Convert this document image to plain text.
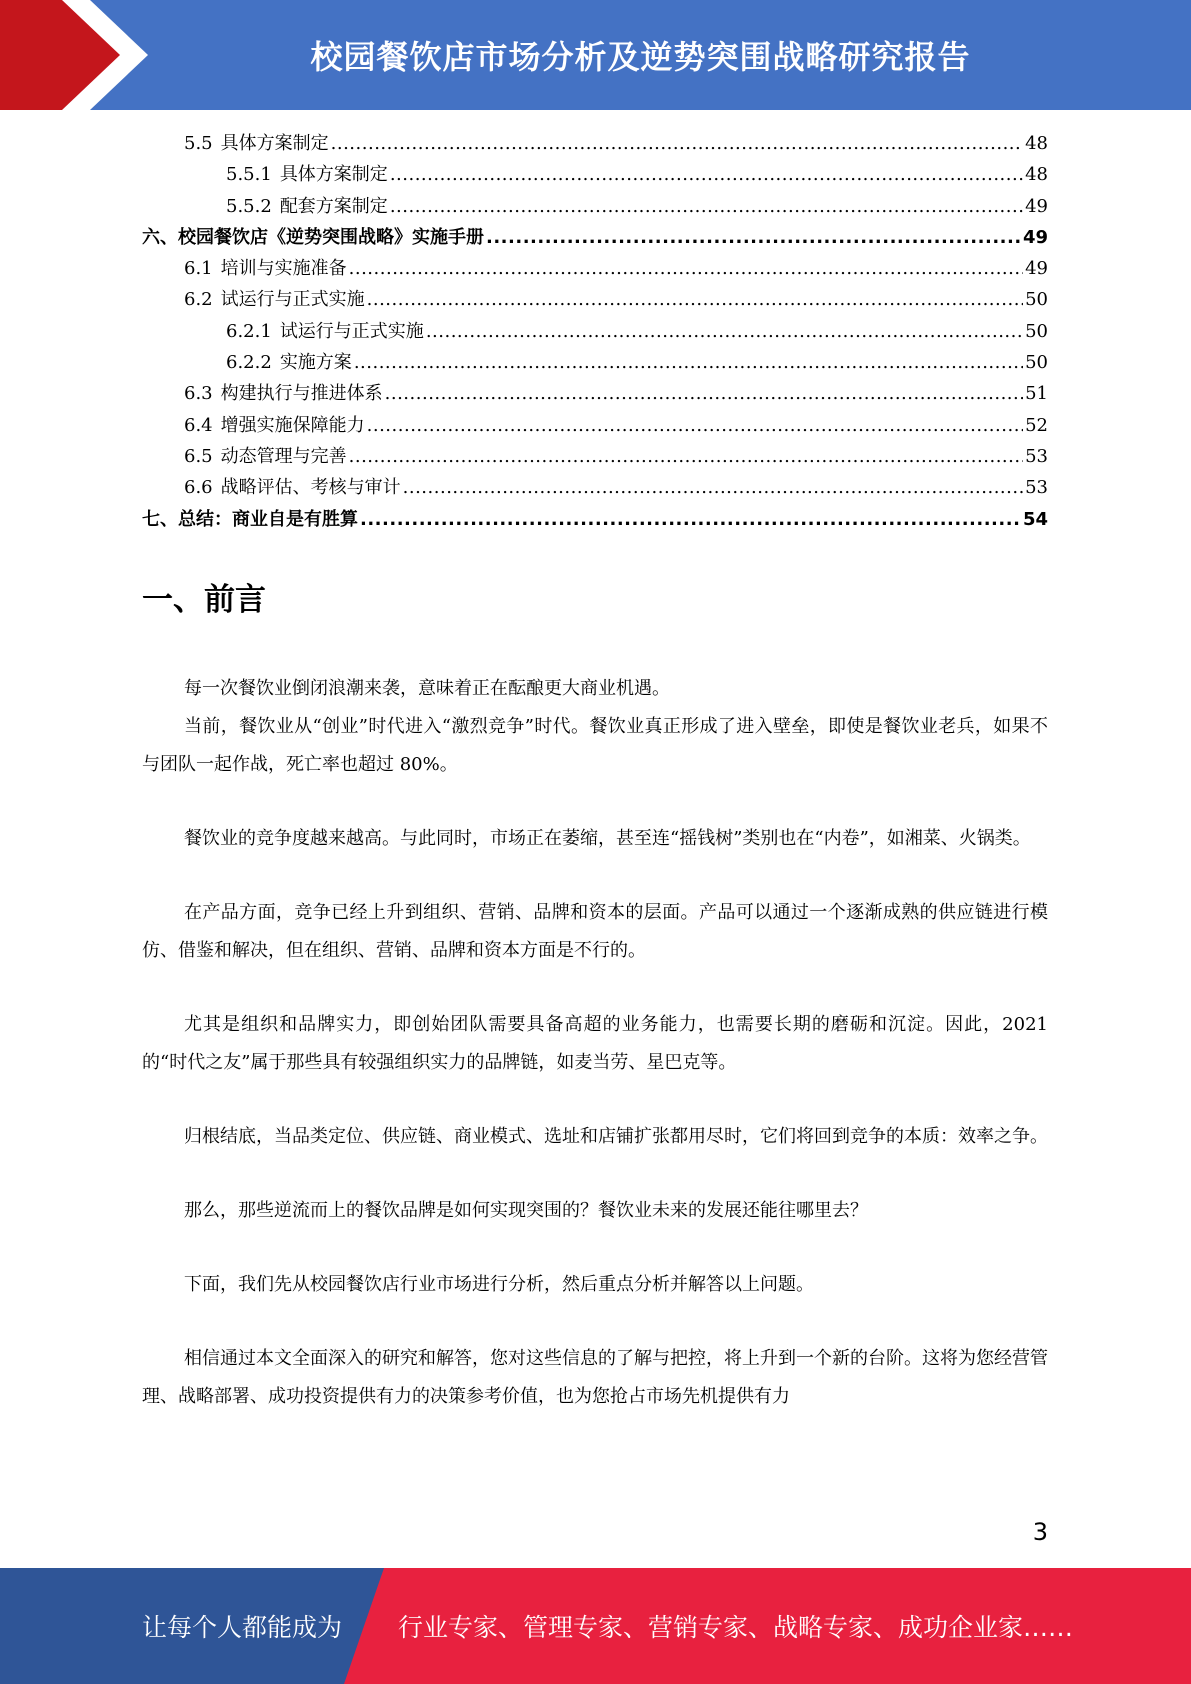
校园餐饮店市场分析及逆势突围战略研究报告
5.5 具体方案制定 .....	48
5.5.1 具体方案制定 .....	48
5.5.2 配套方案制定 .....	49
六、校园餐饮店《逆势突围战略》实施手册 .....	49
6.1 培训与实施准备 .....	49
6.2 试运行与正式实施 .....	50
6.2.1 试运行与正式实施 .....	50
6.2.2 实施方案 .....	50
6.3 构建执行与推进体系 .....	51
6.4 增强实施保障能力 .....	52
6.5 动态管理与完善 .....	53
6.6 战略评估、考核与审计 .....	53
七、总结：商业自是有胜算 .....	54
一、前言

每一次餐饮业倒闭浪潮来袭，意味着正在酝酿更大商业机遇。

当前，餐饮业从“创业”时代进入“激烈竞争”时代。餐饮业真正形成了进入壁垒，即使是餐饮业老兵，如果不与团队一起作战，死亡率也超过 80%。

餐饮业的竞争度越来越高。与此同时，市场正在萎缩，甚至连“摇钱树”类别也在“内卷”，如湘菜、火锅类。

在产品方面，竞争已经上升到组织、营销、品牌和资本的层面。产品可以通过一个逐渐成熟的供应链进行模仿、借鉴和解决，但在组织、营销、品牌和资本方面是不行的。

尤其是组织和品牌实力，即创始团队需要具备高超的业务能力，也需要长期的磨砺和沉淀。因此，2021 的“时代之友”属于那些具有较强组织实力的品牌链，如麦当劳、星巴克等。

归根结底，当品类定位、供应链、商业模式、选址和店铺扩张都用尽时，它们将回到竞争的本质：效率之争。

那么，那些逆流而上的餐饮品牌是如何实现突围的？餐饮业未来的发展还能往哪里去？

下面，我们先从校园餐饮店行业市场进行分析，然后重点分析并解答以上问题。

相信通过本文全面深入的研究和解答，您对这些信息的了解与把控，将上升到一个新的台阶。这将为您经营管理、战略部署、成功投资提供有力的决策参考价值，也为您抢占市场先机提供有力

3
让每个人都能成为 行业专家、管理专家、营销专家、战略专家、成功企业家……
